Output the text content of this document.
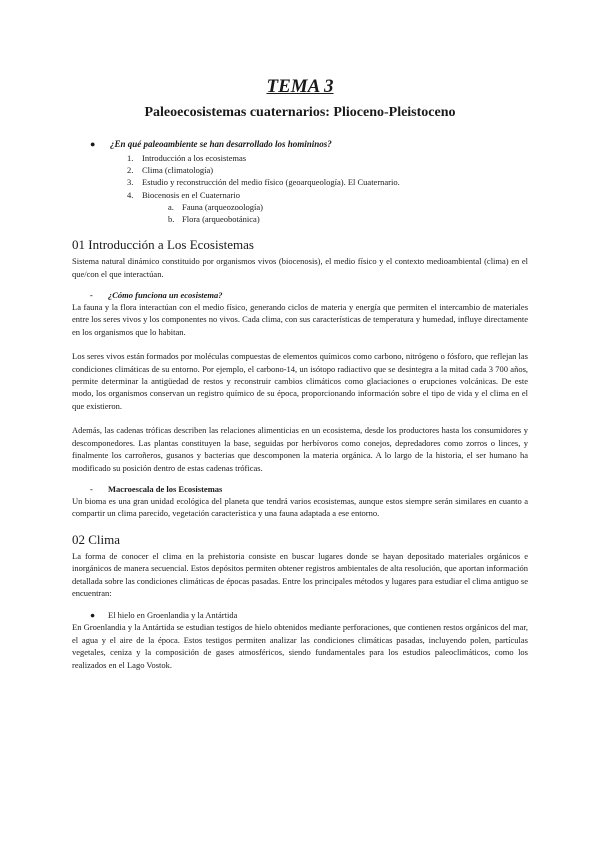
TEMA 3
Paleoecosistemas cuaternarios: Plioceno-Pleistoceno
● ¿En qué paleoambiente se han desarrollado los homininos?
1. Introducción a los ecosistemas
2. Clima (climatología)
3. Estudio y reconstrucción del medio físico (geoarqueología). El Cuaternario.
4. Biocenosis en el Cuaternario
a. Fauna (arqueozoología)
b. Flora (arqueobotánica)
01 Introducción a Los Ecosistemas

Sistema natural dinámico constituido por organismos vivos (biocenosis), el medio físico y el contexto medioambiental (clima) en el que/con el que interactúan.

- ¿Cómo funciona un ecosistema?

La fauna y la flora interactúan con el medio físico, generando ciclos de materia y energía que permiten el intercambio de materiales entre los seres vivos y los componentes no vivos. Cada clima, con sus características de temperatura y humedad, influye directamente en los organismos que lo habitan.

Los seres vivos están formados por moléculas compuestas de elementos químicos como carbono, nitrógeno o fósforo, que reflejan las condiciones climáticas de su entorno. Por ejemplo, el carbono-14, un isótopo radiactivo que se desintegra a la mitad cada 3 700 años, permite determinar la antigüedad de restos y reconstruir cambios climáticos como glaciaciones o erupciones volcánicas. De este modo, los organismos conservan un registro químico de su época, proporcionando información sobre el tipo de vida y el clima en el que existieron.

Además, las cadenas tróficas describen las relaciones alimenticias en un ecosistema, desde los productores hasta los consumidores y descomponedores. Las plantas constituyen la base, seguidas por herbívoros como conejos, depredadores como zorros o linces, y finalmente los carroñeros, gusanos y bacterias que descomponen la materia orgánica. A lo largo de la historia, el ser humano ha modificado su posición dentro de estas cadenas tróficas.

- Macroescala de los Ecosistemas

Un bioma es una gran unidad ecológica del planeta que tendrá varios ecosistemas, aunque estos siempre serán similares en cuanto a compartir un clima parecido, vegetación característica y una fauna adaptada a ese entorno.

02 Clima

La forma de conocer el clima en la prehistoria consiste en buscar lugares donde se hayan depositado materiales orgánicos e inorgánicos de manera secuencial. Estos depósitos permiten obtener registros ambientales de alta resolución, que aportan información detallada sobre las condiciones climáticas de épocas pasadas. Entre los principales métodos y lugares para estudiar el clima antiguo se encuentran:

● El hielo en Groenlandia y la Antártida

En Groenlandia y la Antártida se estudian testigos de hielo obtenidos mediante perforaciones, que contienen restos orgánicos del mar, el agua y el aire de la época. Estos testigos permiten analizar las condiciones climáticas pasadas, incluyendo polen, partículas vegetales, ceniza y la composición de gases atmosféricos, siendo fundamentales para los estudios paleoclimáticos, como los realizados en el Lago Vostok.
